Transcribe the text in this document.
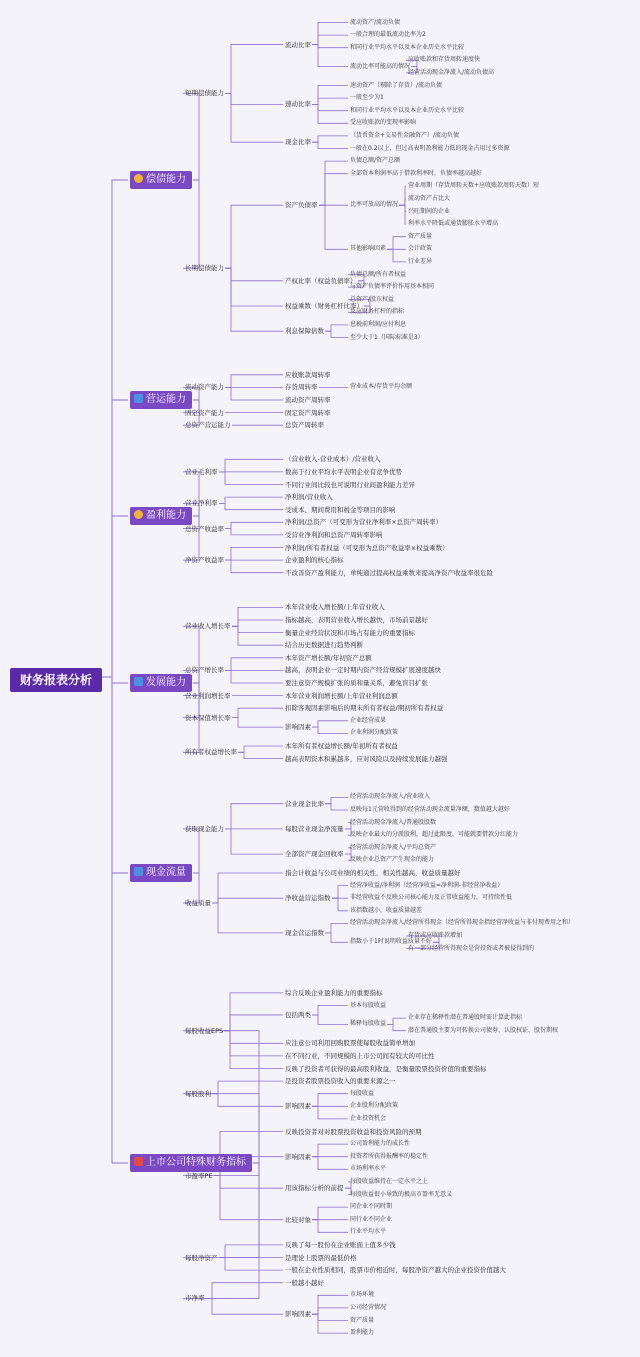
财务报表分析
偿债能力
流动资产/流动负债
一般合理的最低流动比率为2
和同行业平均水平以及本企业历史水平比较
应收账款和存货周转速度快
经营活动现金净流入/流动负债高
流动比率可能高的情况
流动比率
速动资产（剔除了存货）/流动负债
一般至少为1
和同行业平均水平以及本企业历史水平比较
受应收账款的变现率影响
速动比率
（货币资金+交易性金融资产）/流动负债
一般在0.2以上，但过高表明盈利能力低的现金占用过多资源
现金比率
短期偿债能力
负债总额/资产总额
全部资本利润率高于借款利率时，负债率越高越好
营业周期（存货周转天数+应收账款周转天数）短
流动资产占比大
兴旺期间的企业
利率水平降低或通货膨胀水平增高
比率可放高的情况
资产质量
会计政策
行业差异
其他影响因素
资产负债率
负债总额/所有者权益
与资产负债率评价作用基本相同
产权比率（权益负债率）
总资产/股东权益
反应财务杠杆的指标
权益乘数（财务杠杆比率）
息税前利润/应付利息
至少大于1（国际标准是3）
利息保障倍数
长期偿债能力
营运能力
应收账款周转率
营业成本/存货平均余额
存货周转率
流动资产周转率
流动资产能力
固定资产周转率
固定资产能力
总资产周转率
总资产营运能力
盈利能力
（营业收入-营业成本）/营业收入
数高于行业平均水平表明企业有竞争优势
不同行业间比较也可说明行业间盈利能力差异
营业毛利率
净利润/营业收入
受成本、期间费用和税金等项目的影响
营业净利率
净利润/总资产（可变形为营业净利率×总资产周转率）
受营业净利润和总资产周转率影响
总资产收益率
净利润/所有者权益（可变形为总资产收益率×权益乘数）
企业盈利的核心指标
不改善资产盈利能力，单纯通过提高权益乘数来提高净资产收益率很危险
净资产收益率
发展能力
本年营业收入增长额/上年营业收入
指标越高，表明营业收入增长越快，市场前景越好
衡量企业经营状况和市场占有能力的重要指标
结合历史数据进行趋势判断
营业收入增长率
本年资产增长额/年初资产总额
越高，表明企业一定时期内资产经营规模扩展速度越快
要注意资产规模扩张的质和量关系，避免盲目扩张
总资产增长率
本年营业利润增长额/上年营业利润总额
营业利润增长率
扣除客观因素影响后的期末所有者权益/期初所有者权益
企业经营成果
企业利润分配政策
影响因素
资本保值增长率
本年所有者权益增长额/年初所有者权益
越高表明资本积累越多，应对风险以及持续发展能力越强
所有者权益增长率
现金流量
经营活动现金净流入/营业收入
反映每1元营收得到的经营活动现金流量净额，数值越大越好
营业现金比率
经营活动现金净流入/普通股股数
反映企业最大的分派股利，超过此限度，可能就要借款分红能力
每股营业现金净流量
经营活动现金净流入/平均总资产
反映企业总资产产生现金的能力
全部资产现金回收率
获取现金能力
指会计收益与公司业绩的相关性，相关性越高，收益质量越好
经营净收益/净利润（经营净收益=净利润-非经营净收益）
非经营收益不反映公司核心能力及正常收益能力，可持续性低
该指数越小，收益质量越差
净收益营运指数
经营活动现金净流入/经营所得现金（经营所得现金指经营净收益与非付现费用之和）
存货或应收账款增加
有一部分经营所得现金是营投资或者被侵得到的
指数小于1时说明收益质量不好
现金营运指数
收益质量
上市公司特殊财务指标
综合反映企业盈利能力的重要指标
基本每股收益
企业存在稀释性潜在普通股时需计算此指标
潜在普通股主要为可转换公司债券、认股权证、股份期权
稀释每股收益
包括两类
应注意公司利用回购股票使每股收益简单增加
在不同行业，不同规模的上市公司间有较大的可比性
反映了投资者可获得的最高股利收益，是衡量股票投资价值的重要指标
每股收益EPS
是投资者股票投资收入的重要来源之一
每股收益
企业股利分配政策
企业投资机会
影响因素
每股股利
反映投资者对对股票投资收益和投资风险的预期
公司盈利能力的成长性
投资者所获得报酬率的稳定性
市场利率水平
影响因素
每股收益维持在一定水平之上
每股收益很小导致的极高市盈率无意义
用该指标分析的前提
同企业不同时期
同行业不同企业
行业平均水平
比较对象
市盈率PE
反映了每一股份在企业账面上值多少钱
是理论上股票的最低价格
一般在企业性质相同，股票市价相近时，每股净资产越大的企业投资价值越大
每股净资产
一般越小越好
市场环境
公司经营情况
资产质量
盈利能力
影响因素
市净率
